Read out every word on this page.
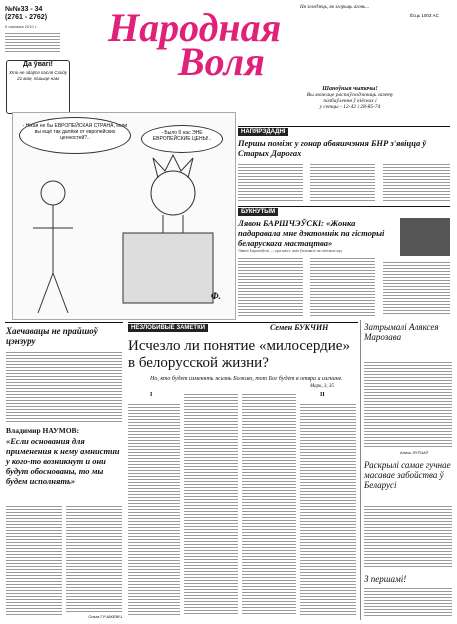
Народная
Воля
№№33 - 34
(2761 - 2762)
5 сакавіка 2010 г.
Да ўвагі!
Хто не здаўся пасля Сходу 21 мая, пішыце нам
Ня згледзець, як згорыць агонь...
Ёсць 1003 АС
Шаноўныя чытачы!
Вы можаце распаўсюджваць газету
пазбаўлення ў кіёсках і
у сетцы - 12-42 і 28-85-74
- Нікая не бы ЕВРОПЕЙСКАЯ СТРАНА, если вы ещё так далёки от европейских ценностей?..
- Было б нас ЭНЕ ЕВРОПЕЙСКИЕ ЦЕНЫ!..
Ф.
НАПЯРЭДАДНІ
Першы поміж у гонар абвяшчэння БНР з'явіцца ў Старых Дарогах
БУКНУТЫМ
Лявон БАРШЧЭЎСКІ: «Жонка падаравала мне дэктомнік па гісторыі беларускага мастацтва»
Лявон Баршчэўскі — пра кнігі, якія ўплывалі на светапогляд
Хаечавацы не прайшоў цэнзуру
Владимир НАУМОВ:
«Если основания для применения к нему амнистии у кого-то возникнут и они будут обоснованы, то мы будем исполнять»
Ольга ГУЧАКЕВІЧ
НЕЗЛОБИВЫЕ ЗАМЕТКИ	Семен БУКЧИН
Исчезло ли понятие «милосердие» в белорусской жизни?
Но, кто будет изменять жизнь Божию, тот Бог будет в отвра и изгнане.
Марк, 3, 35
I	II
Затрымалі Аляксея Марозава
Алесь ЛУПЧАЎ
Раскрылі самае гучнае масавае забойства ў Беларусі
З першамі!
